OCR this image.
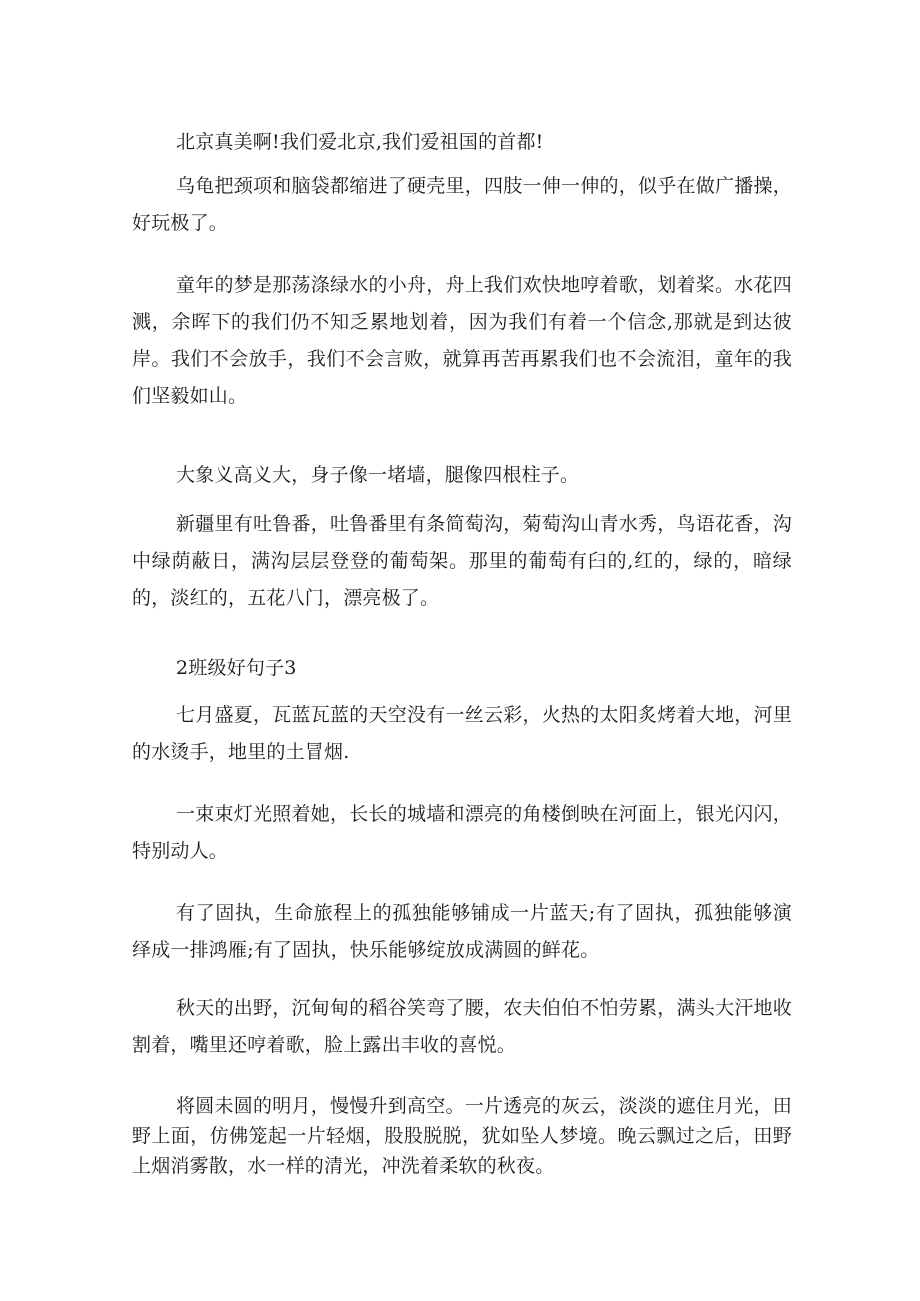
北京真美啊!我们爱北京,我们爱祖国的首都!

乌龟把颈项和脑袋都缩进了硬壳里，四肢一伸一伸的，似乎在做广播操，好玩极了。

童年的梦是那荡涤绿水的小舟，舟上我们欢快地哼着歌，划着桨。水花四溅，余晖下的我们仍不知乏累地划着，因为我们有着一个信念,那就是到达彼岸。我们不会放手，我们不会言败，就算再苦再累我们也不会流泪，童年的我们坚毅如山。

大象义高义大，身子像一堵墙，腿像四根柱子。

新疆里有吐鲁番，吐鲁番里有条简萄沟，菊萄沟山青水秀，鸟语花香，沟中绿荫蔽日，满沟层层登登的葡萄架。那里的葡萄有臼的,红的，绿的，暗绿的，淡红的，五花八门，漂亮极了。

2班级好句子3

七月盛夏，瓦蓝瓦蓝的天空没有一丝云彩，火热的太阳炙烤着大地，河里的水烫手，地里的土冒烟.

一束束灯光照着她，长长的城墙和漂亮的角楼倒映在河面上，银光闪闪，特别动人。

有了固执，生命旅程上的孤独能够铺成一片蓝天;有了固执，孤独能够演绎成一排鸿雁;有了固执，快乐能够绽放成满圆的鲜花。

秋天的出野，沉甸甸的稻谷笑弯了腰，农夫伯伯不怕劳累，满头大汗地收割着，嘴里还哼着歌，脸上露出丰收的喜悦。

将圆未圆的明月，慢慢升到高空。一片透亮的灰云，淡淡的遮住月光，田野上面，仿佛笼起一片轻烟，股股脱脱，犹如坠人梦境。晚云飘过之后，田野上烟消雾散，水一样的清光，冲洗着柔软的秋夜。
